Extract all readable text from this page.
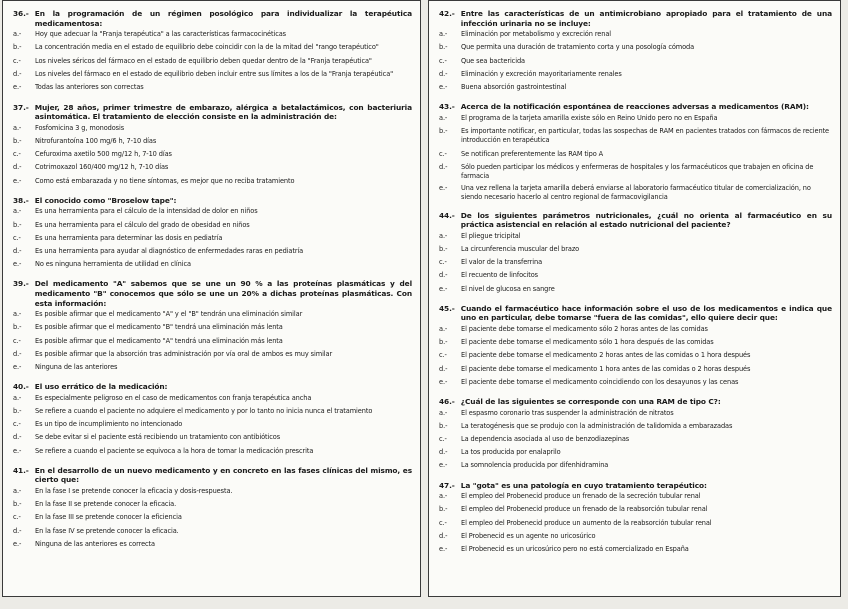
36.- En la programación de un régimen posológico para individualizar la terapéutica medicamentosa:
a.-	Hoy que adecuar la "Franja terapéutica" a las características farmacocinéticas
b.-	La concentración media en el estado de equilibrio debe coincidir con la de la mitad del "rango terapéutico"
c.-	Los niveles séricos del fármaco en el estado de equilibrio deben quedar dentro de la "Franja terapéutica"
d.-	Los niveles del fármaco en el estado de equilibrio deben incluir entre sus límites a los de la "Franja terapéutica"
e.-	Todas las anteriores son correctas
37.- Mujer, 28 años, primer trimestre de embarazo, alérgica a betalactámicos, con bacteriuria asintomática. El tratamiento de elección consiste en la administración de:
a.-	Fosfomicina 3 g, monodosis
b.-	Nitrofurantoína 100 mg/6 h, 7-10 días
c.-	Cefuroxima axetilo 500 mg/12 h, 7-10 días
d.-	Cotrimoxazol 160/400 mg/12 h, 7-10 días
e.-	Como está embarazada y no tiene síntomas, es mejor que no reciba tratamiento
38.- El conocido como "Broselow tape":
a.-	Es una herramienta para el cálculo de la intensidad de dolor en niños
b.-	Es una herramienta para el cálculo del grado de obesidad en niños
c.-	Es una herramienta para determinar las dosis en pediatría
d.-	Es una herramienta para ayudar al diagnóstico de enfermedades raras en pediatría
e.-	No es ninguna herramienta de utilidad en clínica
39.- Del medicamento "A" sabemos que se une un 90 % a las proteínas plasmáticas y del medicamento "B" conocemos que sólo se une un 20% a dichas proteínas plasmáticas. Con esta información:
a.-	Es posible afirmar que el medicamento "A" y el "B" tendrán una eliminación similar
b.-	Es posible afirmar que el medicamento "B" tendrá una eliminación más lenta
c.-	Es posible afirmar que el medicamento "A" tendrá una eliminación más lenta
d.-	Es posible afirmar que la absorción tras administración por vía oral de ambos es muy similar
e.-	Ninguna de las anteriores
40.- El uso errático de la medicación:
a.-	Es especialmente peligroso en el caso de medicamentos con franja terapéutica ancha
b.-	Se refiere a cuando el paciente no adquiere el medicamento y por lo tanto no inicia nunca el tratamiento
c.-	Es un tipo de incumplimiento no intencionado
d.-	Se debe evitar si el paciente está recibiendo un tratamiento con antibióticos
e.-	Se refiere a cuando el paciente se equivoca a la hora de tomar la medicación prescrita
41.- En el desarrollo de un nuevo medicamento y en concreto en las fases clínicas del mismo, es cierto que:
a.-	En la fase I se pretende conocer la eficacia y dosis-respuesta.
b.-	En la fase II se pretende conocer la eficacia.
c.-	En la fase III se pretende conocer la eficiencia
d.-	En la fase IV se pretende conocer la eficacia.
e.-	Ninguna de las anteriores es correcta
42.- Entre las características de un antimicrobiano apropiado para el tratamiento de una infección urinaria no se incluye:
a.-	Eliminación por metabolismo y excreción renal
b.-	Que permita una duración de tratamiento corta y una posología cómoda
c.-	Que sea bactericida
d.-	Eliminación y excreción mayoritariamente renales
e.-	Buena absorción gastrointestinal
43.- Acerca de la notificación espontánea de reacciones adversas a medicamentos (RAM):
a.-	El programa de la tarjeta amarilla existe sólo en Reino Unido pero no en España
b.-	Es importante notificar, en particular, todas las sospechas de RAM en pacientes tratados con fármacos de reciente introducción en terapéutica
c.-	Se notifican preferentemente las RAM tipo A
d.-	Sólo pueden participar los médicos y enfermeras de hospitales y los farmacéuticos que trabajen en oficina de farmacia
e.-	Una vez rellena la tarjeta amarilla deberá enviarse al laboratorio farmacéutico titular de comercialización, no siendo necesario hacerlo al centro regional de farmacovigilancia
44.- De los siguientes parámetros nutricionales, ¿cuál no orienta al farmacéutico en su práctica asistencial en relación al estado nutricional del paciente?
a.-	El pliegue tricipital
b.-	La circunferencia muscular del brazo
c.-	El valor de la transferrina
d.-	El recuento de linfocitos
e.-	El nivel de glucosa en sangre
45.- Cuando el farmacéutico hace información sobre el uso de los medicamentos e indica que uno en particular, debe tomarse "fuera de las comidas", ello quiere decir que:
a.-	El paciente debe tomarse el medicamento sólo 2 horas antes de las comidas
b.-	El paciente debe tomarse el medicamento sólo 1 hora después de las comidas
c.-	El paciente debe tomarse el medicamento 2 horas antes de las comidas o 1 hora después
d.-	El paciente debe tomarse el medicamento 1 hora antes de las comidas o 2 horas después
e.-	El paciente debe tomarse el medicamento coincidiendo con los desayunos y las cenas
46.- ¿Cuál de las siguientes se corresponde con una RAM de tipo C?:
a.-	El espasmo coronario tras suspender la administración de nitratos
b.-	La teratogénesis que se produjo con la administración de talidomida a embarazadas
c.-	La dependencia asociada al uso de benzodiazepinas
d.-	La tos producida por enalaprilo
e.-	La somnolencia producida por difenhidramina
47.- La "gota" es una patología en cuyo tratamiento terapéutico:
a.-	El empleo del Probenecid produce un frenado de la secreción tubular renal
b.-	El empleo del Probenecid produce un frenado de la reabsorción tubular renal
c.-	El empleo del Probenecid produce un aumento de la reabsorción tubular renal
d.-	El Probenecid es un agente no uricosúrico
e.-	El Probenecid es un uricosúrico pero no está comercializado en España
